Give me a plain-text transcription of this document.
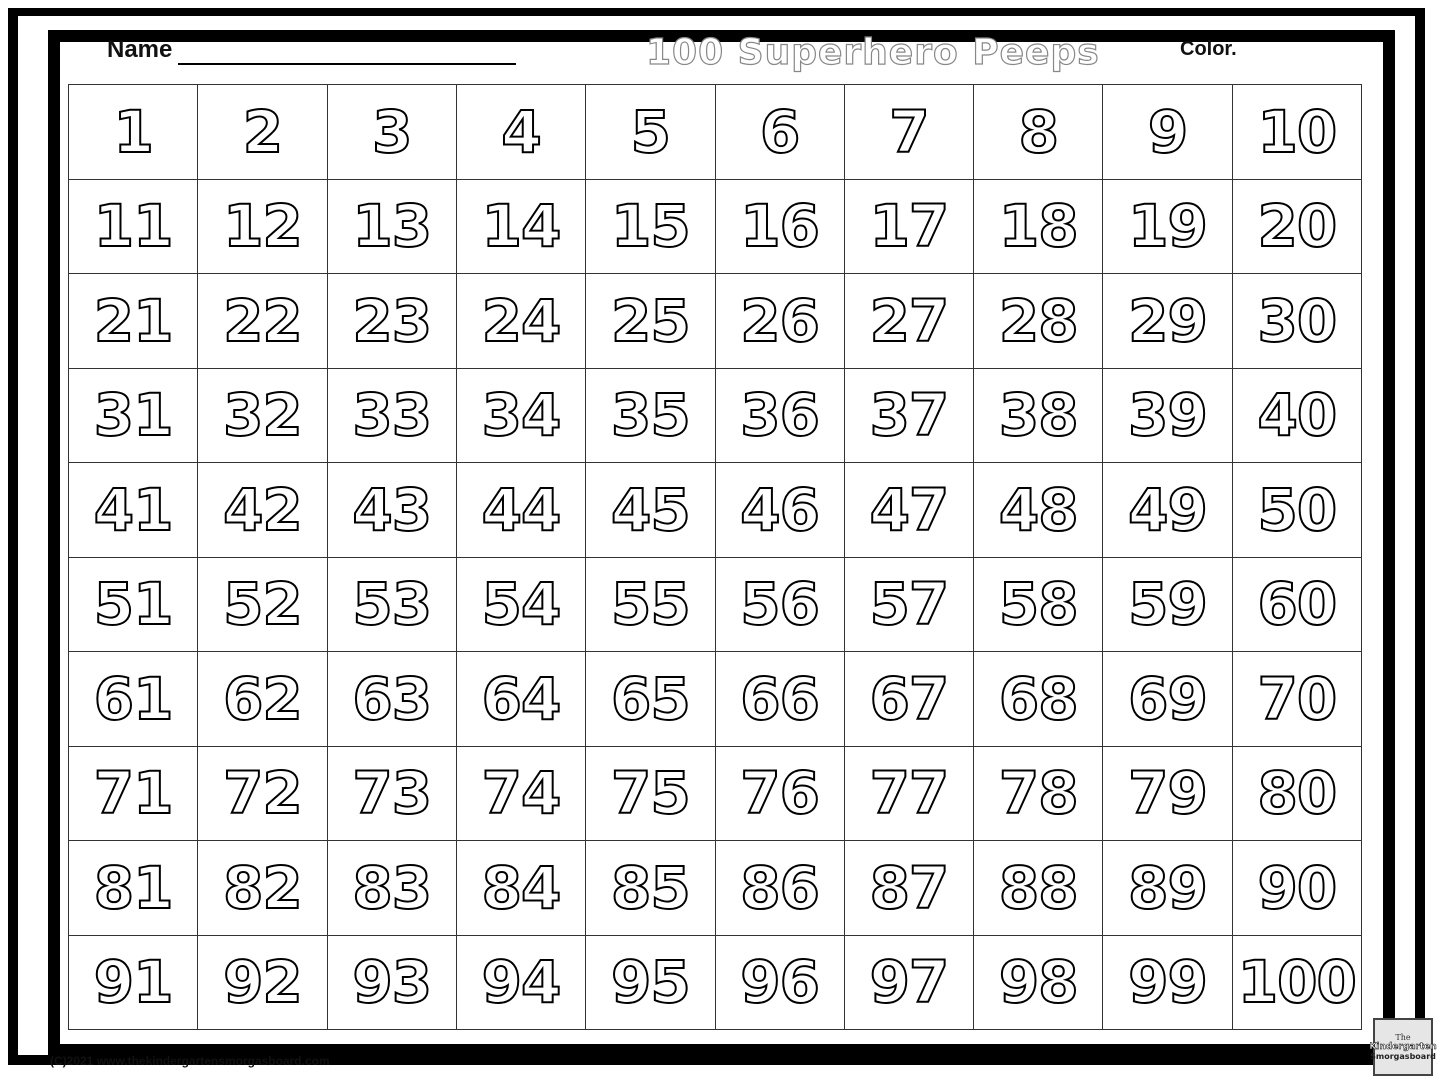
Name	100 Superhero Peeps	Color.
1 2 3 4 5 6 7 8 9 10
11 12 13 14 15 16 17 18 19 20
21 22 23 24 25 26 27 28 29 30
31 32 33 34 35 36 37 38 39 40
41 42 43 44 45 46 47 48 49 50
51 52 53 54 55 56 57 58 59 60
61 62 63 64 65 66 67 68 69 70
71 72 73 74 75 76 77 78 79 80
81 82 83 84 85 86 87 88 89 90
91 92 93 94 95 96 97 98 99 100
(C)2021 www.thekindergartensmorgasboard.com
The
Kindergarten
Smorgasboard
